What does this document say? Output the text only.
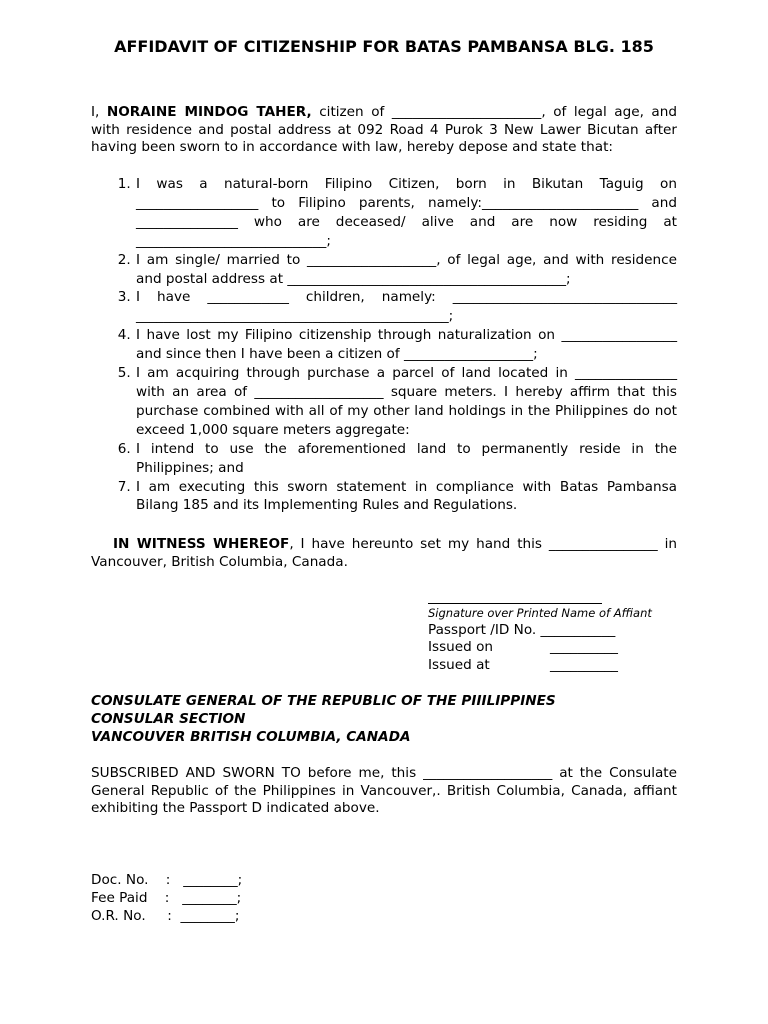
AFFIDAVIT OF CITIZENSHIP FOR BATAS PAMBANSA BLG. 185
I, NORAINE MINDOG TAHER, citizen of ______________________, of legal age, and with residence and postal address at 092 Road 4 Purok 3 New Lawer Bicutan after having been sworn to in accordance with law, hereby depose and state that:
1. I was a natural-born Filipino Citizen, born in Bikutan Taguig on __________________ to Filipino parents, namely:_______________________ and _______________ who are deceased/ alive and are now residing at ____________________________;
2. I am single/ married to ___________________, of legal age, and with residence and postal address at _________________________________________;
3. I have ____________ children, namely: _________________________________ ______________________________________________;
4. I have lost my Filipino citizenship through naturalization on _________________ and since then I have been a citizen of ___________________;
5. I am acquiring through purchase a parcel of land located in _______________ with an area of ___________________ square meters. I hereby affirm that this purchase combined with all of my other land holdings in the Philippines do not exceed 1,000 square meters aggregate:
6. I intend to use the aforementioned land to permanently reside in the Philippines; and
7. I am executing this sworn statement in compliance with Batas Pambansa Bilang 185 and its Implementing Rules and Regulations.
IN WITNESS WHEREOF, I have hereunto set my hand this ________________ in Vancouver, British Columbia, Canada.
Signature over Printed Name of Affiant
Passport /ID No. ___________
Issued on	__________
Issued at	__________
CONSULATE GENERAL OF THE REPUBLIC OF THE PIIILIPPINES
CONSULAR SECTION
VANCOUVER BRITISH COLUMBIA, CANADA
SUBSCRIBED AND SWORN TO before me, this ___________________ at the Consulate General Republic of the Philippines in Vancouver,. British Columbia, Canada, affiant exhibiting the Passport D indicated above.
Doc. No.    :   ________;
Fee Paid    :   ________;
O.R. No.     :  ________;
